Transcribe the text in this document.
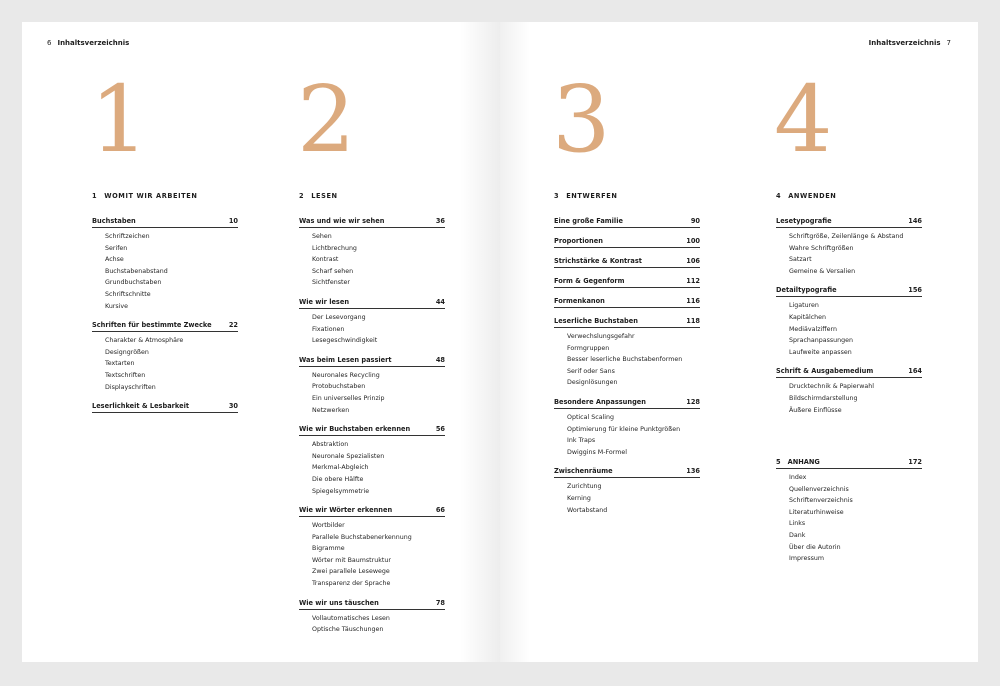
6 Inhaltsverzeichnis
1
1 WOMIT WIR ARBEITEN
Buchstaben	10
Schriftzeichen
Serifen
Achse
Buchstabenabstand
Grundbuchstaben
Schriftschnitte
Kursive
Schriften für bestimmte Zwecke	22
Charakter & Atmosphäre
Designgrößen
Textarten
Textschriften
Displayschriften
Leserlichkeit & Lesbarkeit	30
2
2 LESEN
Was und wie wir sehen	36
Sehen
Lichtbrechung
Kontrast
Scharf sehen
Sichtfenster
Wie wir lesen	44
Der Lesevorgang
Fixationen
Lesegeschwindigkeit
Was beim Lesen passiert	48
Neuronales Recycling
Protobuchstaben
Ein universelles Prinzip
Netzwerken
Wie wir Buchstaben erkennen	56
Abstraktion
Neuronale Spezialisten
Merkmal-Abgleich
Die obere Hälfte
Spiegelsymmetrie
Wie wir Wörter erkennen	66
Wortbilder
Parallele Buchstabenerkennung
Bigramme
Wörter mit Baumstruktur
Zwei parallele Lesewege
Transparenz der Sprache
Wie wir uns täuschen	78
Vollautomatisches Lesen
Optische Täuschungen
Inhaltsverzeichnis 7
3
3 ENTWERFEN
Eine große Familie	90
Proportionen	100
Strichstärke & Kontrast	106
Form & Gegenform	112
Formenkanon	116
Leserliche Buchstaben	118
Verwechslungsgefahr
Formgruppen
Besser leserliche Buchstabenformen
Serif oder Sans
Designlösungen
Besondere Anpassungen	128
Optical Scaling
Optimierung für kleine Punktgrößen
Ink Traps
Dwiggins M-Formel
Zwischenräume	136
Zurichtung
Kerning
Wortabstand
Lesetypografie	146
Schriftgröße, Zeilenlänge & Abstand
Wahre Schriftgrößen
Satzart
Gemeine & Versalien
Detailtypografie	156
Ligaturen
Kapitälchen
Mediävalziffern
Sprachanpassungen
Laufweite anpassen
Schrift & Ausgabemedium	164
Drucktechnik & Papierwahl
Bildschirmdarstellung
Äußere Einflüsse
5 ANHANG	172
Index
Quellenverzeichnis
Schriftenverzeichnis
Literaturhinweise
Links
Dank
Über die Autorin
Impressum
4
4 ANWENDEN
